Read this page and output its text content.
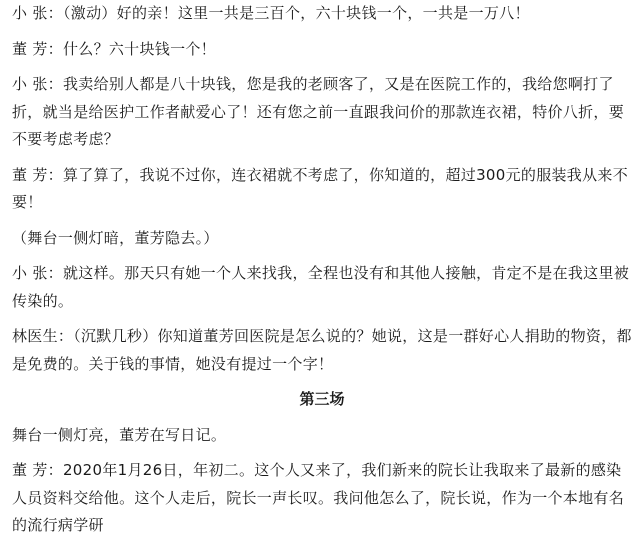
小 张：（激动）好的亲！这里一共是三百个，六十块钱一个，一共是一万八！

董 芳：什么？六十块钱一个！

小 张：我卖给别人都是八十块钱，您是我的老顾客了，又是在医院工作的，我给您啊打了折，就当是给医护工作者献爱心了！还有您之前一直跟我问价的那款连衣裙，特价八折，要不要考虑考虑？

董 芳：算了算了，我说不过你，连衣裙就不考虑了，你知道的，超过300元的服装我从来不要！

（舞台一侧灯暗，董芳隐去。）

小 张：就这样。那天只有她一个人来找我，全程也没有和其他人接触，肯定不是在我这里被传染的。

林医生：（沉默几秒）你知道董芳回医院是怎么说的？她说，这是一群好心人捐助的物资，都是免费的。关于钱的事情，她没有提过一个字！

第三场

舞台一侧灯亮，董芳在写日记。

董 芳：2020年1月26日，年初二。这个人又来了，我们新来的院长让我取来了最新的感染人员资料交给他。这个人走后，院长一声长叹。我问他怎么了，院长说，作为一个本地有名的流行病学研
